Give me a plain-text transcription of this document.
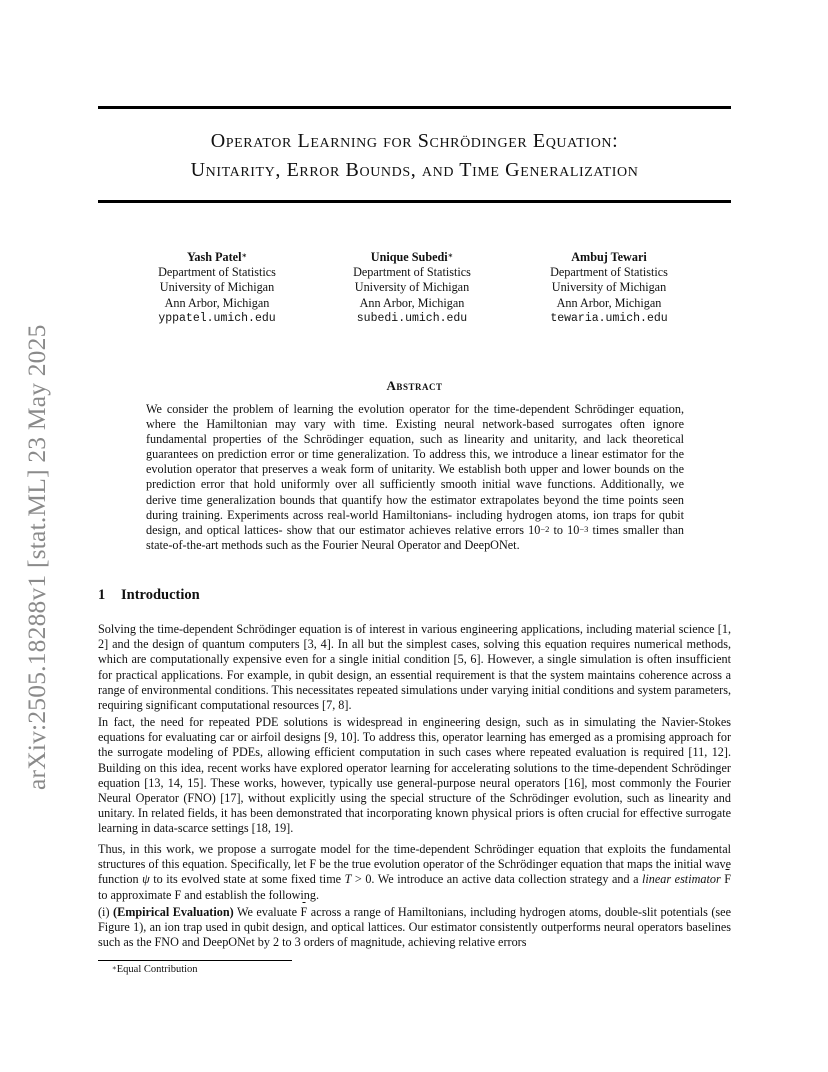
arXiv:2505.18288v1 [stat.ML] 23 May 2025
Operator Learning for Schrödinger Equation:
Unitarity, Error Bounds, and Time Generalization
Yash Patel∗
Department of Statistics
University of Michigan
Ann Arbor, Michigan
yppatel.umich.edu
Unique Subedi∗
Department of Statistics
University of Michigan
Ann Arbor, Michigan
subedi.umich.edu
Ambuj Tewari
Department of Statistics
University of Michigan
Ann Arbor, Michigan
tewaria.umich.edu
Abstract
We consider the problem of learning the evolution operator for the time-dependent Schrödinger equation, where the Hamiltonian may vary with time. Existing neural network-based surrogates often ignore fundamental properties of the Schrödinger equation, such as linearity and unitarity, and lack theoretical guarantees on prediction error or time generalization. To address this, we introduce a linear estimator for the evolution operator that preserves a weak form of unitarity. We establish both upper and lower bounds on the prediction error that hold uniformly over all sufficiently smooth initial wave functions. Additionally, we derive time generalization bounds that quantify how the estimator extrapolates beyond the time points seen during training. Experiments across real-world Hamiltonians- including hydrogen atoms, ion traps for qubit design, and optical lattices- show that our estimator achieves relative errors $10^{-2}$ to $10^{-3}$ times smaller than state-of-the-art methods such as the Fourier Neural Operator and DeepONet.
1 Introduction
Solving the time-dependent Schrödinger equation is of interest in various engineering applications, including material science [1, 2] and the design of quantum computers [3, 4]. In all but the simplest cases, solving this equation requires numerical methods, which are computationally expensive even for a single initial condition [5, 6]. However, a single simulation is often insufficient for practical applications. For example, in qubit design, an essential requirement is that the system maintains coherence across a range of environmental conditions. This necessitates repeated simulations under varying initial conditions and system parameters, requiring significant computational resources [7, 8].
In fact, the need for repeated PDE solutions is widespread in engineering design, such as in simulating the Navier-Stokes equations for evaluating car or airfoil designs [9, 10]. To address this, operator learning has emerged as a promising approach for the surrogate modeling of PDEs, allowing efficient computation in such cases where repeated evaluation is required [11, 12]. Building on this idea, recent works have explored operator learning for accelerating solutions to the time-dependent Schrödinger equation [13, 14, 15]. These works, however, typically use general-purpose neural operators [16], most commonly the Fourier Neural Operator (FNO) [17], without explicitly using the special structure of the Schrödinger evolution, such as linearity and unitary. In related fields, it has been demonstrated that incorporating known physical priors is often crucial for effective surrogate learning in data-scarce settings [18, 19].
Thus, in this work, we propose a surrogate model for the time-dependent Schrödinger equation that exploits the fundamental structures of this equation. Specifically, let F be the true evolution operator of the Schrödinger equation that maps the initial wave function ψ to its evolved state at some fixed time T > 0. We introduce an active data collection strategy and a linear estimator F to approximate F and establish the following.
(i) (Empirical Evaluation) We evaluate F across a range of Hamiltonians, including hydrogen atoms, double-slit potentials (see Figure 1), an ion trap used in qubit design, and optical lattices. Our estimator consistently outperforms neural operators baselines such as the FNO and DeepONet by 2 to 3 orders of magnitude, achieving relative errors
∗Equal Contribution
